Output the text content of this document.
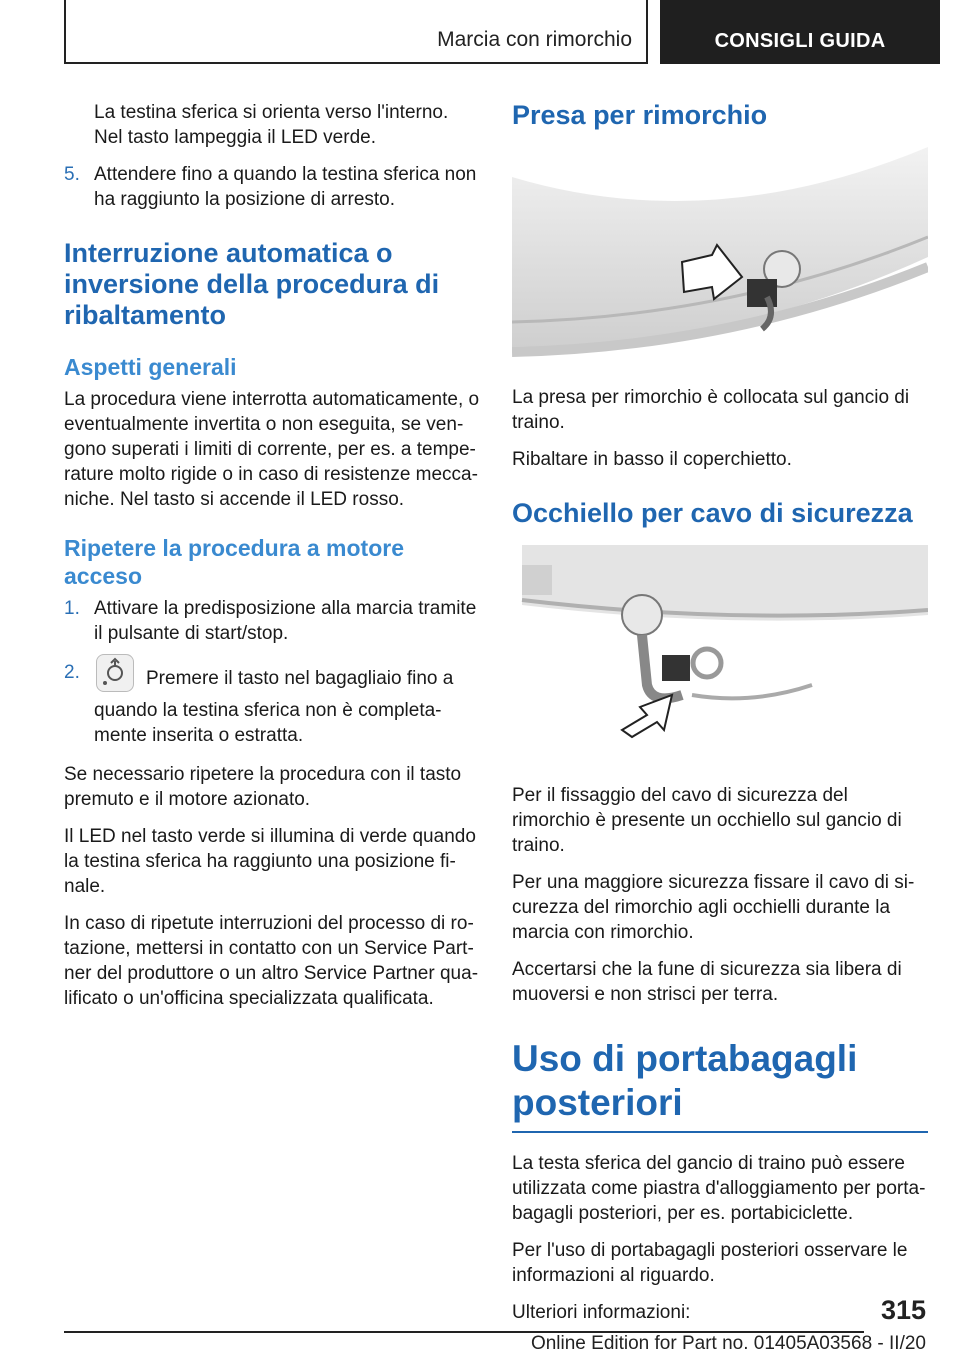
Marcia con rimorchio	CONSIGLI GUIDA

La testina sferica si orienta verso l'interno. Nel tasto lampeggia il LED verde.

5. Attendere fino a quando la testina sferica non ha raggiunto la posizione di arresto.
Interruzione automatica o inversione della procedura di ribaltamento
Aspetti generali

La procedura viene interrotta automaticamente, o eventualmente invertita o non eseguita, se vengono superati i limiti di corrente, per es. a temperature molto rigide o in caso di resistenze meccaniche. Nel tasto si accende il LED rosso.

Ripetere la procedura a motore acceso
1. Attivare la predisposizione alla marcia tramite il pulsante di start/stop.
2.	Premere il tasto nel bagagliaio fino a quando la testina sferica non è completamente inserita o estratta.

Se necessario ripetere la procedura con il tasto premuto e il motore azionato.

Il LED nel tasto verde si illumina di verde quando la testina sferica ha raggiunto una posizione finale.

In caso di ripetute interruzioni del processo di rotazione, mettersi in contatto con un Service Partner del produttore o un altro Service Partner qualificato o un'officina specializzata qualificata.

Presa per rimorchio

La presa per rimorchio è collocata sul gancio di traino.

Ribaltare in basso il coperchietto.

Occhiello per cavo di sicurezza

Per il fissaggio del cavo di sicurezza del rimorchio è presente un occhiello sul gancio di traino.

Per una maggiore sicurezza fissare il cavo di sicurezza del rimorchio agli occhielli durante la marcia con rimorchio.

Accertarsi che la fune di sicurezza sia libera di muoversi e non strisci per terra.

Uso di portabagagli posteriori

La testa sferica del gancio di traino può essere utilizzata come piastra d'alloggiamento per portabagagli posteriori, per es. portabiciclette.

Per l'uso di portabagagli posteriori osservare le informazioni al riguardo.

Ulteriori informazioni:	315
Online Edition for Part no. 01405A03568 - II/20
